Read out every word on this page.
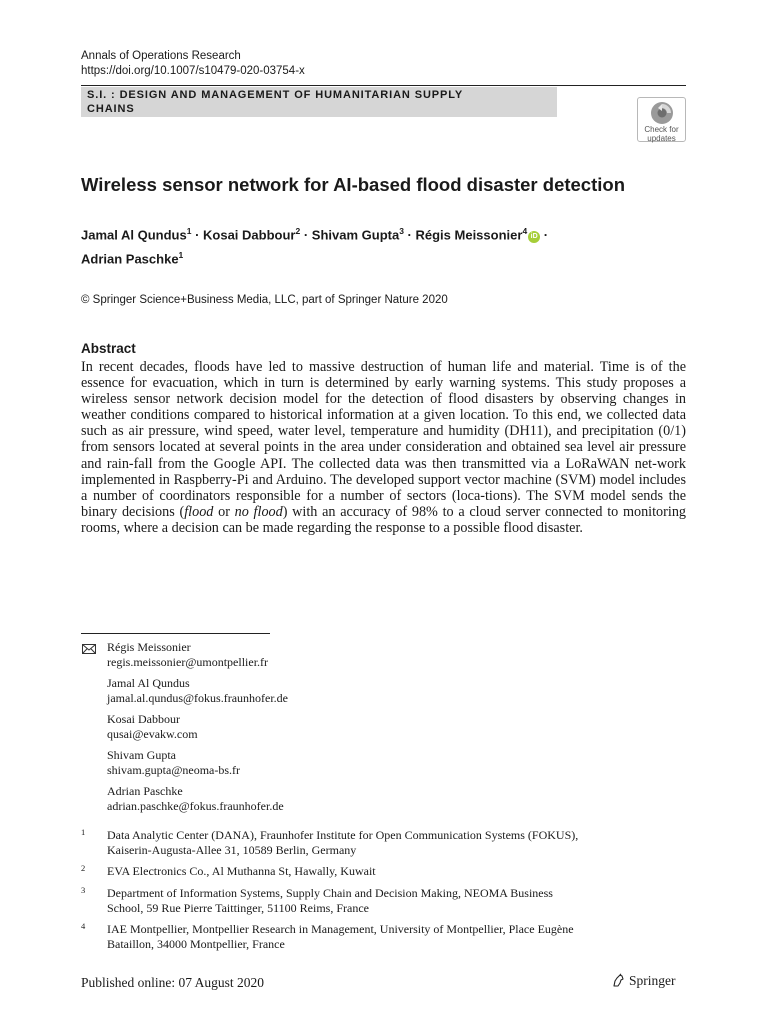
Annals of Operations Research
https://doi.org/10.1007/s10479-020-03754-x
S.I. : DESIGN AND MANAGEMENT OF HUMANITARIAN SUPPLY
CHAINS
Check for
updates
Wireless sensor network for AI-based flood disaster detection
Jamal Al Qundus$^1$ · Kosai Dabbour$^2$ · Shivam Gupta$^3$ · Régis Meissonier$^4$iD ·
Adrian Paschke$^1$
© Springer Science+Business Media, LLC, part of Springer Nature 2020
Abstract
In recent decades, floods have led to massive destruction of human life and material. Time is of the essence for evacuation, which in turn is determined by early warning systems. This study proposes a wireless sensor network decision model for the detection of flood disasters by observing changes in weather conditions compared to historical information at a given location. To this end, we collected data such as air pressure, wind speed, water level, temperature and humidity (DH11), and precipitation (0/1) from sensors located at several points in the area under consideration and obtained sea level air pressure and rain-fall from the Google API. The collected data was then transmitted via a LoRaWAN net-work implemented in Raspberry-Pi and Arduino. The developed support vector machine (SVM) model includes a number of coordinators responsible for a number of sectors (loca-tions). The SVM model sends the binary decisions (flood or no flood) with an accuracy of 98% to a cloud server connected to monitoring rooms, where a decision can be made regarding the response to a possible flood disaster.
Régis Meissonier
regis.meissonier@umontpellier.fr
Jamal Al Qundus
jamal.al.qundus@fokus.fraunhofer.de
Kosai Dabbour
qusai@evakw.com
Shivam Gupta
shivam.gupta@neoma-bs.fr
Adrian Paschke
adrian.paschke@fokus.fraunhofer.de
1 Data Analytic Center (DANA), Fraunhofer Institute for Open Communication Systems (FOKUS),
Kaiserin-Augusta-Allee 31, 10589 Berlin, Germany
2 EVA Electronics Co., Al Muthanna St, Hawally, Kuwait
3 Department of Information Systems, Supply Chain and Decision Making, NEOMA Business
School, 59 Rue Pierre Taittinger, 51100 Reims, France
4 IAE Montpellier, Montpellier Research in Management, University of Montpellier, Place Eugène
Bataillon, 34000 Montpellier, France
Published online: 07 August 2020	Springer
